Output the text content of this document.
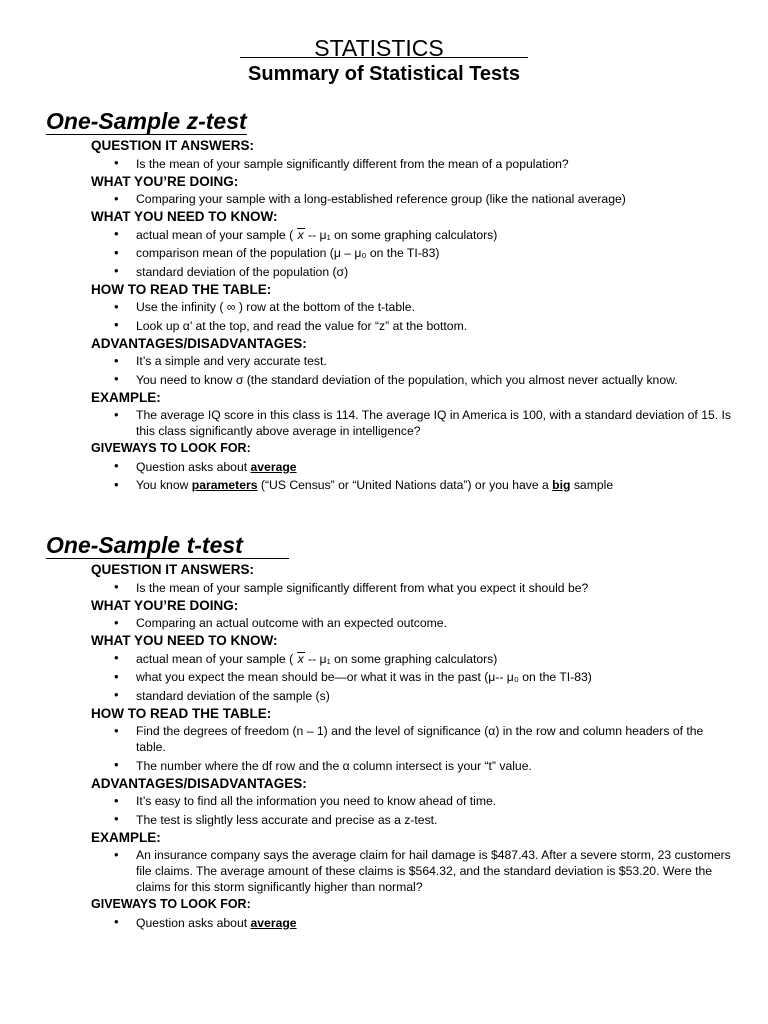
STATISTICS
Summary of Statistical Tests
One-Sample z-test
QUESTION IT ANSWERS:
• Is the mean of your sample significantly different from the mean of a population?
WHAT YOU’RE DOING:
• Comparing your sample with a long-established reference group (like the national average)
WHAT YOU NEED TO KNOW:
• actual mean of your sample ( x -- μ₁ on some graphing calculators)
• comparison mean of the population (μ – μ₀ on the TI-83)
• standard deviation of the population (σ)
HOW TO READ THE TABLE:
• Use the infinity ( ∞ ) row at the bottom of the t-table.
• Look up α’ at the top, and read the value for “z” at the bottom.
ADVANTAGES/DISADVANTAGES:
• It’s a simple and very accurate test.
• You need to know σ (the standard deviation of the population, which you almost never actually know.
EXAMPLE:
• The average IQ score in this class is 114. The average IQ in America is 100, with a standard deviation of 15. Is this class significantly above average in intelligence?
GIVEWAYS TO LOOK FOR:
• Question asks about average
• You know parameters (“US Census” or “United Nations data”) or you have a big sample
One-Sample t-test
QUESTION IT ANSWERS:
• Is the mean of your sample significantly different from what you expect it should be?
WHAT YOU’RE DOING:
• Comparing an actual outcome with an expected outcome.
WHAT YOU NEED TO KNOW:
• actual mean of your sample ( x -- μ₁ on some graphing calculators)
• what you expect the mean should be—or what it was in the past (μ-- μ₀ on the TI-83)
• standard deviation of the sample (s)
HOW TO READ THE TABLE:
• Find the degrees of freedom (n – 1) and the level of significance (α) in the row and column headers of the table.
• The number where the df row and the α column intersect is your “t” value.
ADVANTAGES/DISADVANTAGES:
• It’s easy to find all the information you need to know ahead of time.
• The test is slightly less accurate and precise as a z-test.
EXAMPLE:
• An insurance company says the average claim for hail damage is $487.43. After a severe storm, 23 customers file claims. The average amount of these claims is $564.32, and the standard deviation is $53.20. Were the claims for this storm significantly higher than normal?
GIVEWAYS TO LOOK FOR:
• Question asks about average
